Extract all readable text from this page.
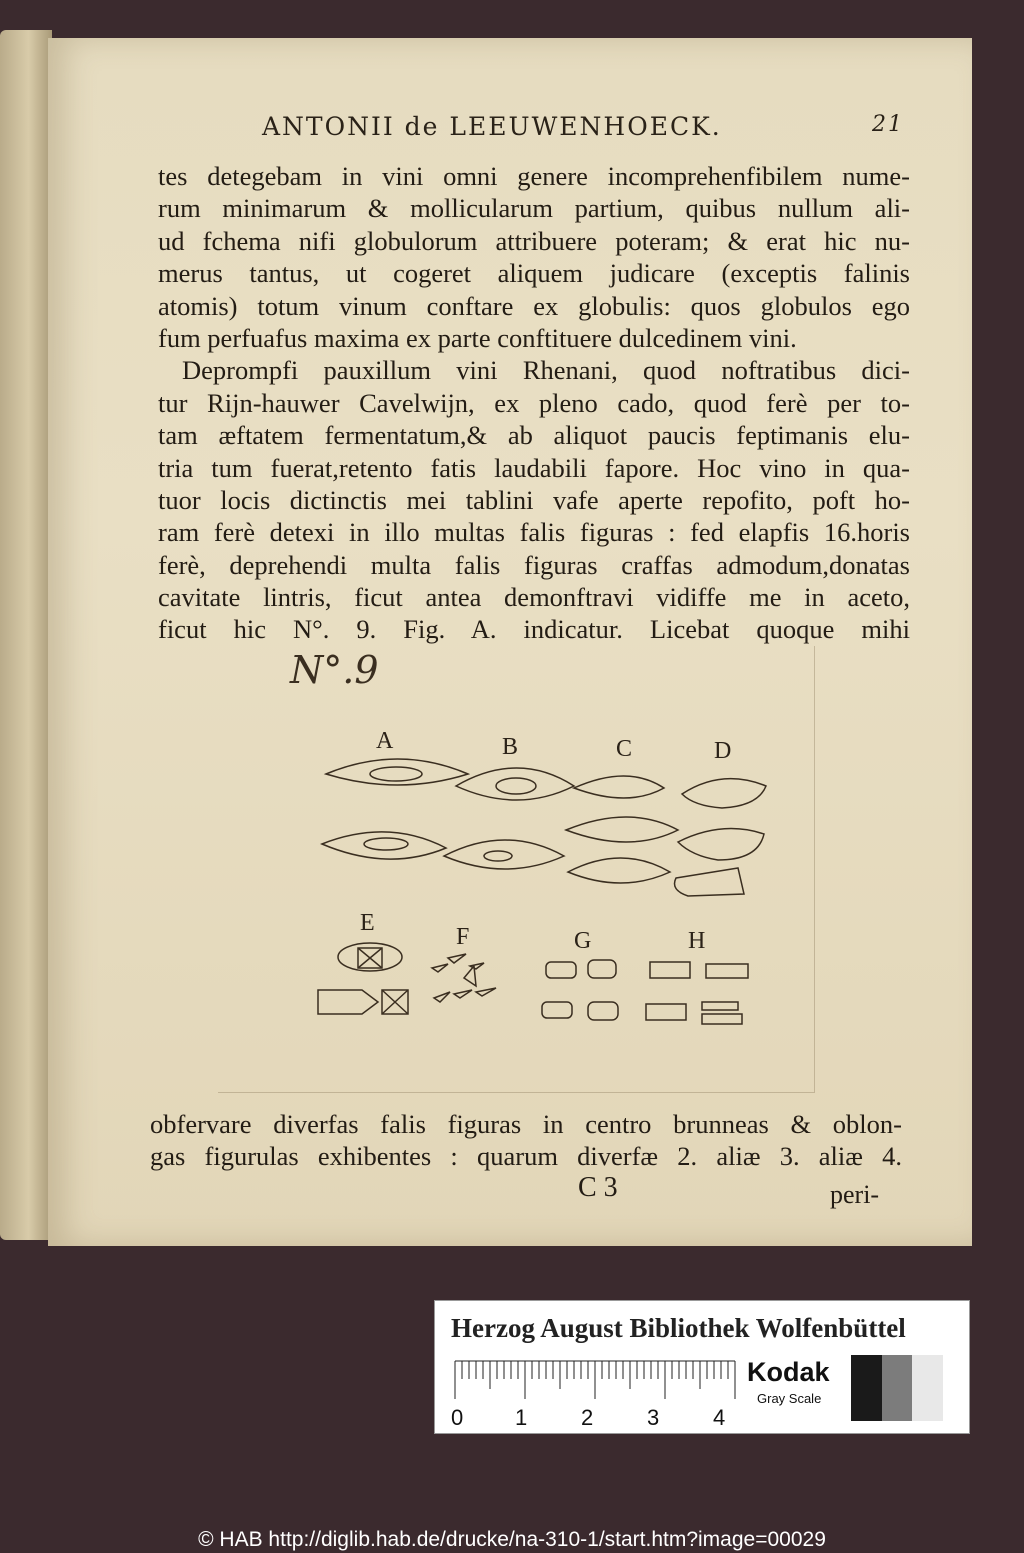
ANTONII de LEEUWENHOECK.	21
tes detegebam in vini omni genere incomprehenfibilem nume-
rum minimarum & mollicularum partium, quibus nullum ali-
ud fchema nifi globulorum attribuere poteram; & erat hic nu-
merus tantus, ut cogeret aliquem judicare (exceptis falinis
atomis) totum vinum conftare ex globulis: quos globulos ego
fum perfuafus maxima ex parte conftituere dulcedinem vini.
Deprompfi pauxillum vini Rhenani, quod noftratibus dici-
tur Rijn-hauwer Cavelwijn, ex pleno cado, quod ferè per to-
tam æftatem fermentatum,& ab aliquot paucis feptimanis elu-
tria tum fuerat,retento fatis laudabili fapore. Hoc vino in qua-
tuor locis dictinctis mei tablini vafe aperte repofito, poft ho-
ram ferè detexi in illo multas falis figuras : fed elapfis 16.horis
ferè, deprehendi multa falis figuras craffas admodum,donatas
cavitate lintris, ficut antea demonftravi vidiffe me in aceto,
ficut hic N°. 9. Fig. A. indicatur. Licebat quoque mihi
N°.9
A	B	C	D
E
F	G	H
obfervare diverfas falis figuras in centro brunneas & oblon-
gas figurulas exhibentes : quarum diverfæ 2. aliæ 3. aliæ 4.
C 3	peri-
Herzog August Bibliothek Wolfenbüttel
0 1 2 3 4
Kodak
Gray Scale
© HAB http://diglib.hab.de/drucke/na-310-1/start.htm?image=00029
